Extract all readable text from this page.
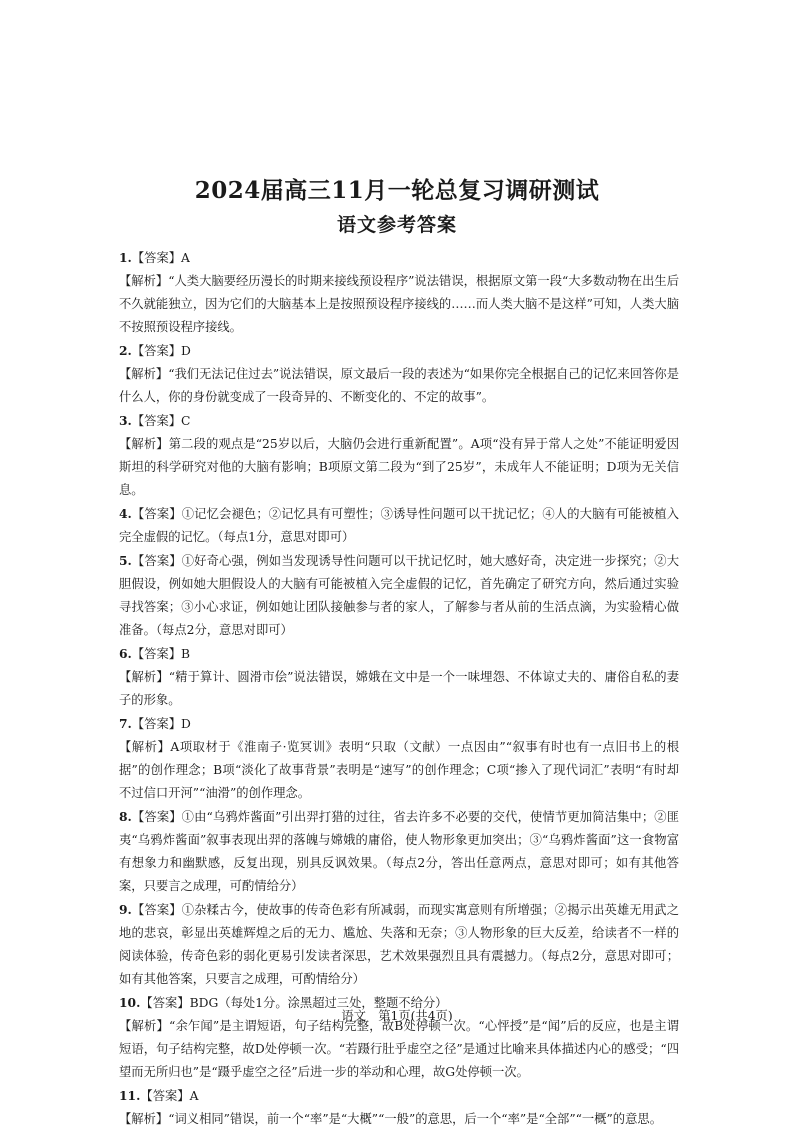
2024届高三11月一轮总复习调研测试
语文参考答案

1.【答案】A

【解析】“人类大脑要经历漫长的时期来接线预设程序”说法错误，根据原文第一段“大多数动物在出生后不久就能独立，因为它们的大脑基本上是按照预设程序接线的……而人类大脑不是这样”可知，人类大脑不按照预设程序接线。

2.【答案】D

【解析】“我们无法记住过去”说法错误，原文最后一段的表述为“如果你完全根据自己的记忆来回答你是什么人，你的身份就变成了一段奇异的、不断变化的、不定的故事”。

3.【答案】C

【解析】第二段的观点是“25岁以后，大脑仍会进行重新配置”。A项“没有异于常人之处”不能证明爱因斯坦的科学研究对他的大脑有影响；B项原文第二段为“到了25岁”，未成年人不能证明；D项为无关信息。

4.【答案】①记忆会褪色；②记忆具有可塑性；③诱导性问题可以干扰记忆；④人的大脑有可能被植入完全虚假的记忆。（每点1分，意思对即可）

5.【答案】①好奇心强，例如当发现诱导性问题可以干扰记忆时，她大感好奇，决定进一步探究；②大胆假设，例如她大胆假设人的大脑有可能被植入完全虚假的记忆，首先确定了研究方向，然后通过实验寻找答案；③小心求证，例如她让团队接触参与者的家人，了解参与者从前的生活点滴，为实验精心做准备。（每点2分，意思对即可）

6.【答案】B

【解析】“精于算计、圆滑市侩”说法错误，嫦娥在文中是一个一味埋怨、不体谅丈夫的、庸俗自私的妻子的形象。

7.【答案】D

【解析】A项取材于《淮南子·览冥训》表明“只取（文献）一点因由”“叙事有时也有一点旧书上的根据”的创作理念；B项“淡化了故事背景”表明是“速写”的创作理念；C项“掺入了现代词汇”表明“有时却不过信口开河”“油滑”的创作理念。

8.【答案】①由“乌鸦炸酱面”引出羿打猎的过往，省去许多不必要的交代，使情节更加简洁集中；②匪夷“乌鸦炸酱面”叙事表现出羿的落魄与嫦娥的庸俗，使人物形象更加突出；③“乌鸦炸酱面”这一食物富有想象力和幽默感，反复出现，别具反讽效果。（每点2分，答出任意两点，意思对即可；如有其他答案，只要言之成理，可酌情给分）

9.【答案】①杂糅古今，使故事的传奇色彩有所减弱，而现实寓意则有所增强；②揭示出英雄无用武之地的悲哀，彰显出英雄辉煌之后的无力、尴尬、失落和无奈；③人物形象的巨大反差，给读者不一样的阅读体验，传奇色彩的弱化更易引发读者深思，艺术效果强烈且具有震撼力。（每点2分，意思对即可；如有其他答案，只要言之成理，可酌情给分）

10.【答案】BDG（每处1分。涂黑超过三处，整题不给分）

【解析】“余乍闻”是主谓短语，句子结构完整，故B处停顿一次。“心怦授”是“闻”后的反应，也是主谓短语，句子结构完整，故D处停顿一次。“若蹑行肚乎虚空之径”是通过比喻来具体描述内心的感受；“四望而无所归也”是“蹑乎虚空之径”后进一步的举动和心理，故G处停顿一次。

11.【答案】A

【解析】“词义相同”错误，前一个“率”是“大概”“一般”的意思，后一个“率”是“全部”“一概”的意思。

语文　第1页(共4页)
